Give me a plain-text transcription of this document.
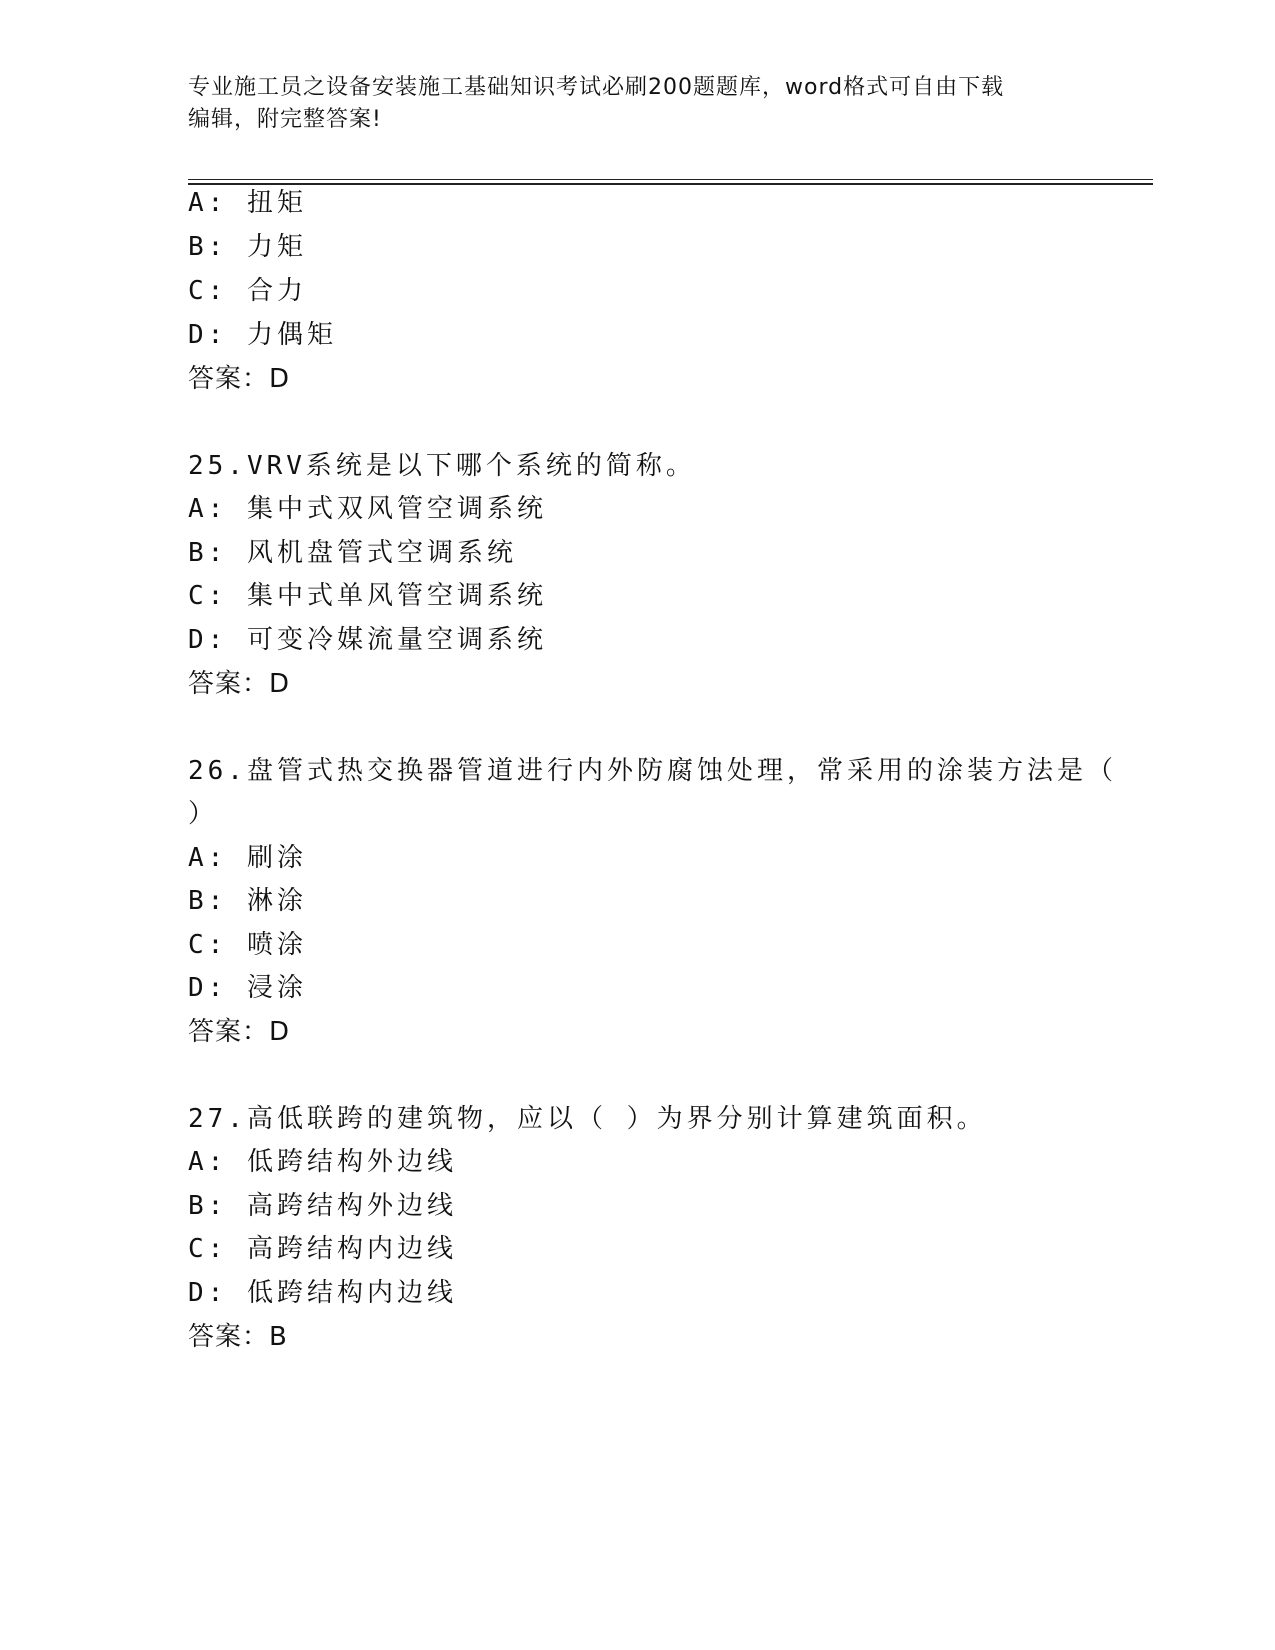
专业施工员之设备安装施工基础知识考试必刷200题题库，word格式可自由下载
编辑，附完整答案!
A: 扭矩
B: 力矩
C: 合力
D: 力偶矩
答案：D
25.VRV系统是以下哪个系统的简称。
A: 集中式双风管空调系统
B: 风机盘管式空调系统
C: 集中式单风管空调系统
D: 可变冷媒流量空调系统
答案：D
26.盘管式热交换器管道进行内外防腐蚀处理，常采用的涂装方法是（
）
A: 刷涂
B: 淋涂
C: 喷涂
D: 浸涂
答案：D
27.高低联跨的建筑物，应以（ ）为界分别计算建筑面积。
A: 低跨结构外边线
B: 高跨结构外边线
C: 高跨结构内边线
D: 低跨结构内边线
答案：B
